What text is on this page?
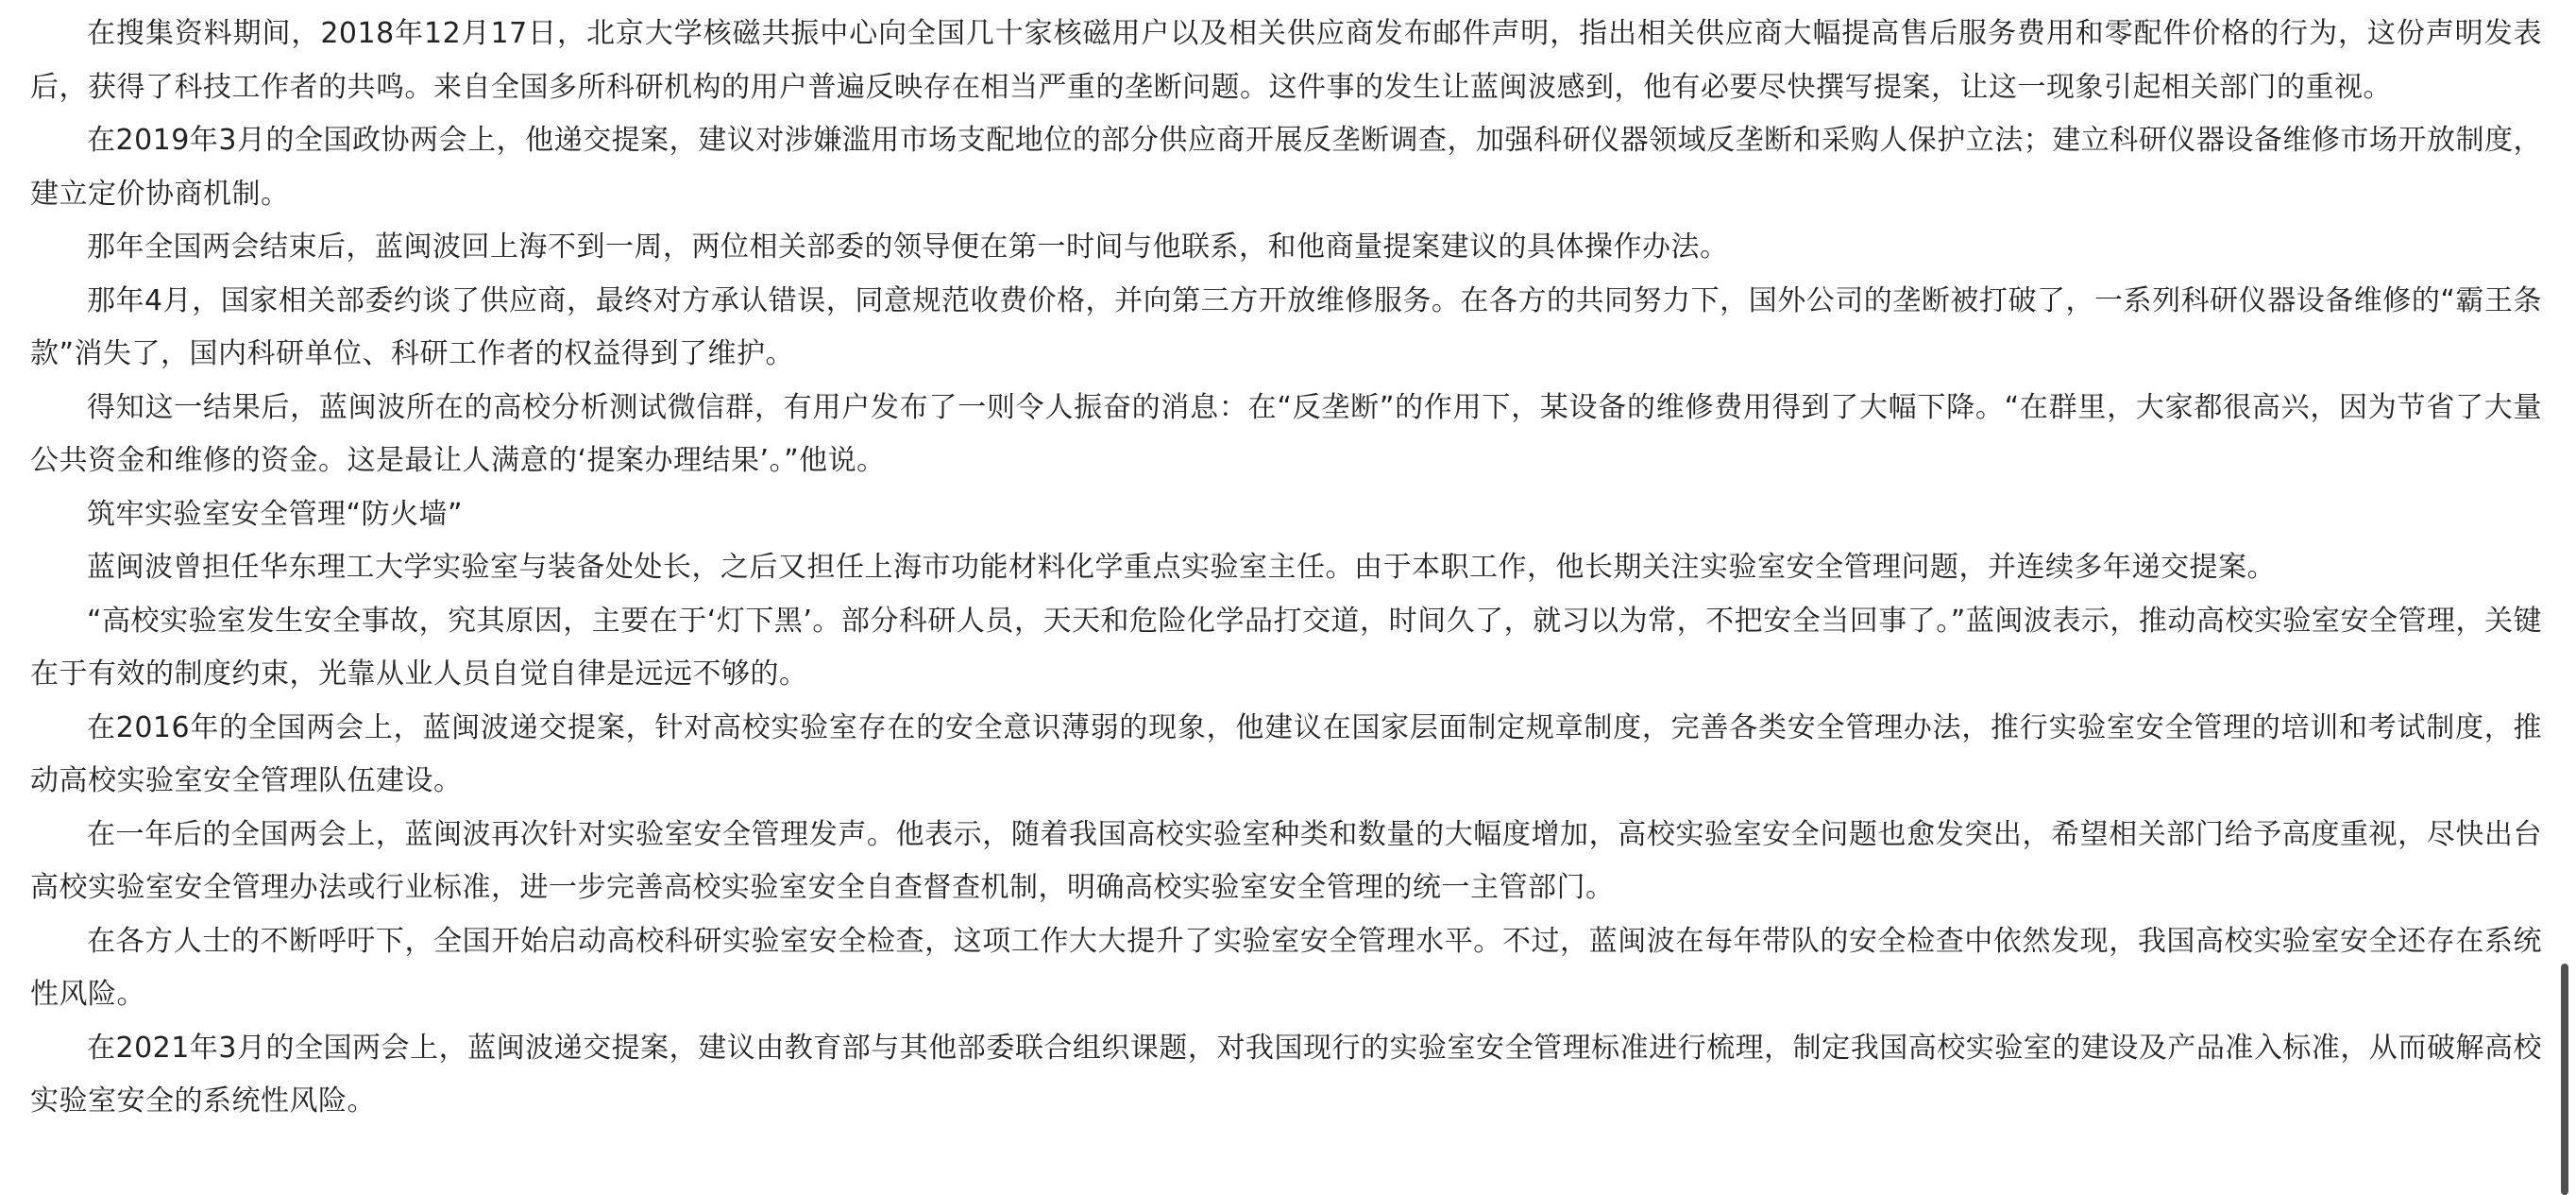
在搜集资料期间，2018年12月17日，北京大学核磁共振中心向全国几十家核磁用户以及相关供应商发布邮件声明，指出相关供应商大幅提高售后服务费用和零配件价格的行为，这份声明发表后，获得了科技工作者的共鸣。来自全国多所科研机构的用户普遍反映存在相当严重的垄断问题。这件事的发生让蓝闽波感到，他有必要尽快撰写提案，让这一现象引起相关部门的重视。

在2019年3月的全国政协两会上，他递交提案，建议对涉嫌滥用市场支配地位的部分供应商开展反垄断调查，加强科研仪器领域反垄断和采购人保护立法；建立科研仪器设备维修市场开放制度，建立定价协商机制。

那年全国两会结束后，蓝闽波回上海不到一周，两位相关部委的领导便在第一时间与他联系，和他商量提案建议的具体操作办法。

那年4月，国家相关部委约谈了供应商，最终对方承认错误，同意规范收费价格，并向第三方开放维修服务。在各方的共同努力下，国外公司的垄断被打破了，一系列科研仪器设备维修的“霸王条款”消失了，国内科研单位、科研工作者的权益得到了维护。

得知这一结果后，蓝闽波所在的高校分析测试微信群，有用户发布了一则令人振奋的消息：在“反垄断”的作用下，某设备的维修费用得到了大幅下降。“在群里，大家都很高兴，因为节省了大量公共资金和维修的资金。这是最让人满意的‘提案办理结果’。”他说。

筑牢实验室安全管理“防火墙”

蓝闽波曾担任华东理工大学实验室与装备处处长，之后又担任上海市功能材料化学重点实验室主任。由于本职工作，他长期关注实验室安全管理问题，并连续多年递交提案。

“高校实验室发生安全事故，究其原因，主要在于‘灯下黑’。部分科研人员，天天和危险化学品打交道，时间久了，就习以为常，不把安全当回事了。”蓝闽波表示，推动高校实验室安全管理，关键在于有效的制度约束，光靠从业人员自觉自律是远远不够的。

在2016年的全国两会上，蓝闽波递交提案，针对高校实验室存在的安全意识薄弱的现象，他建议在国家层面制定规章制度，完善各类安全管理办法，推行实验室安全管理的培训和考试制度，推动高校实验室安全管理队伍建设。

在一年后的全国两会上，蓝闽波再次针对实验室安全管理发声。他表示，随着我国高校实验室种类和数量的大幅度增加，高校实验室安全问题也愈发突出，希望相关部门给予高度重视，尽快出台高校实验室安全管理办法或行业标准，进一步完善高校实验室安全自查督查机制，明确高校实验室安全管理的统一主管部门。

在各方人士的不断呼吁下，全国开始启动高校科研实验室安全检查，这项工作大大提升了实验室安全管理水平。不过，蓝闽波在每年带队的安全检查中依然发现，我国高校实验室安全还存在系统性风险。

在2021年3月的全国两会上，蓝闽波递交提案，建议由教育部与其他部委联合组织课题，对我国现行的实验室安全管理标准进行梳理，制定我国高校实验室的建设及产品准入标准，从而破解高校实验室安全的系统性风险。
